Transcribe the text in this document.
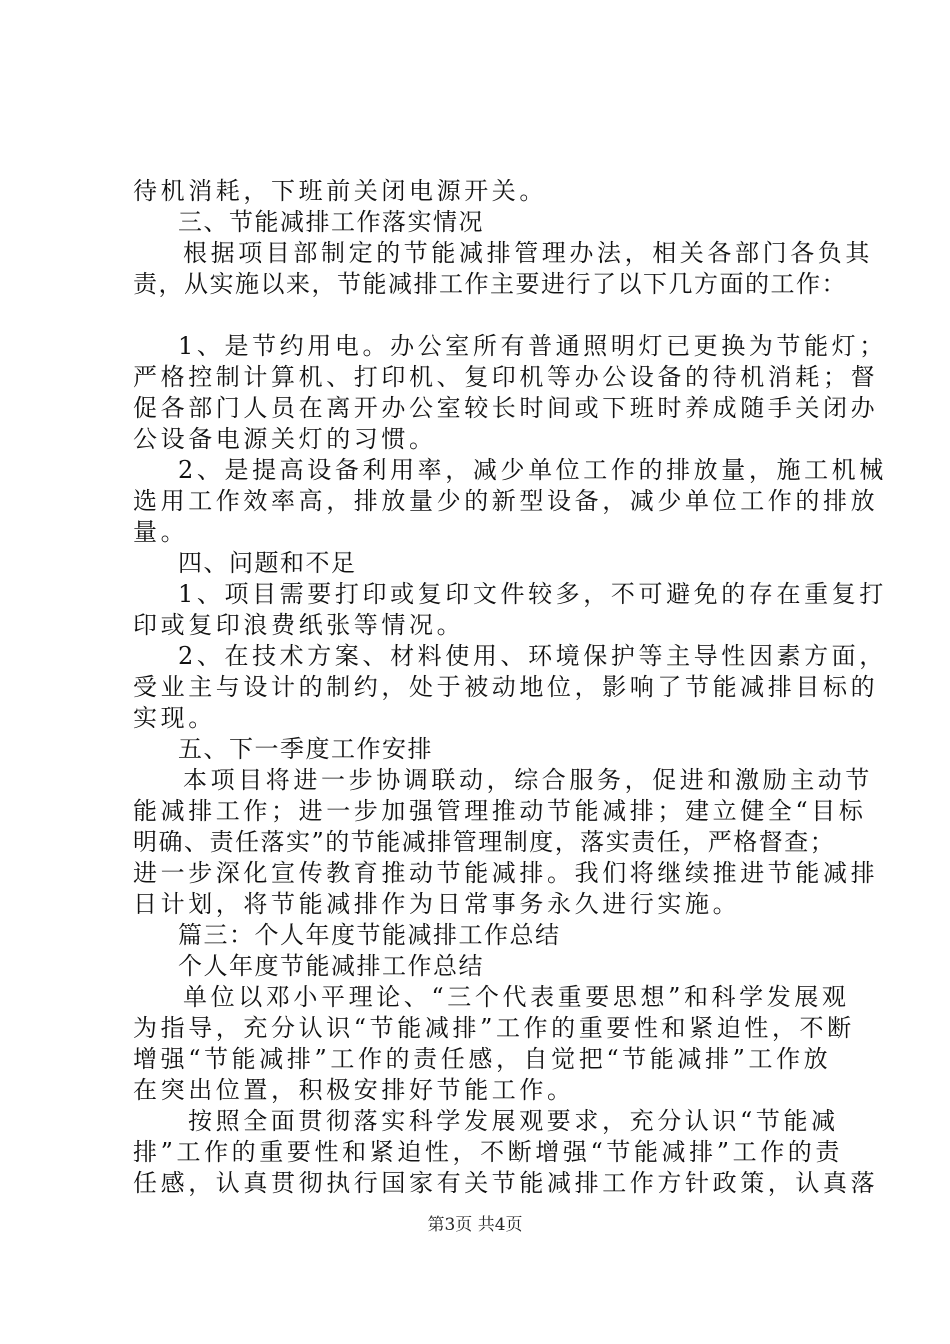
待机消耗，下班前关闭电源开关。
三、节能减排工作落实情况
根据项目部制定的节能减排管理办法，相关各部门各负其
责，从实施以来，节能减排工作主要进行了以下几方面的工作：
1、是节约用电。办公室所有普通照明灯已更换为节能灯；
严格控制计算机、打印机、复印机等办公设备的待机消耗；督
促各部门人员在离开办公室较长时间或下班时养成随手关闭办
公设备电源关灯的习惯。
2、是提高设备利用率，减少单位工作的排放量，施工机械
选用工作效率高，排放量少的新型设备，减少单位工作的排放
量。
四、问题和不足
1、项目需要打印或复印文件较多，不可避免的存在重复打
印或复印浪费纸张等情况。
2、在技术方案、材料使用、环境保护等主导性因素方面，
受业主与设计的制约，处于被动地位，影响了节能减排目标的
实现。
五、下一季度工作安排
本项目将进一步协调联动，综合服务，促进和激励主动节
能减排工作；进一步加强管理推动节能减排；建立健全“目标
明确、责任落实”的节能减排管理制度，落实责任，严格督查；
进一步深化宣传教育推动节能减排。我们将继续推进节能减排
日计划，将节能减排作为日常事务永久进行实施。
篇三：个人年度节能减排工作总结
个人年度节能减排工作总结
单位以邓小平理论、“三个代表重要思想”和科学发展观
为指导，充分认识“节能减排”工作的重要性和紧迫性，不断
增强“节能减排”工作的责任感，自觉把“节能减排”工作放
在突出位置，积极安排好节能工作。
按照全面贯彻落实科学发展观要求，充分认识“节能减
排”工作的重要性和紧迫性，不断增强“节能减排”工作的责
任感，认真贯彻执行国家有关节能减排工作方针政策，认真落
第3页 共4页
